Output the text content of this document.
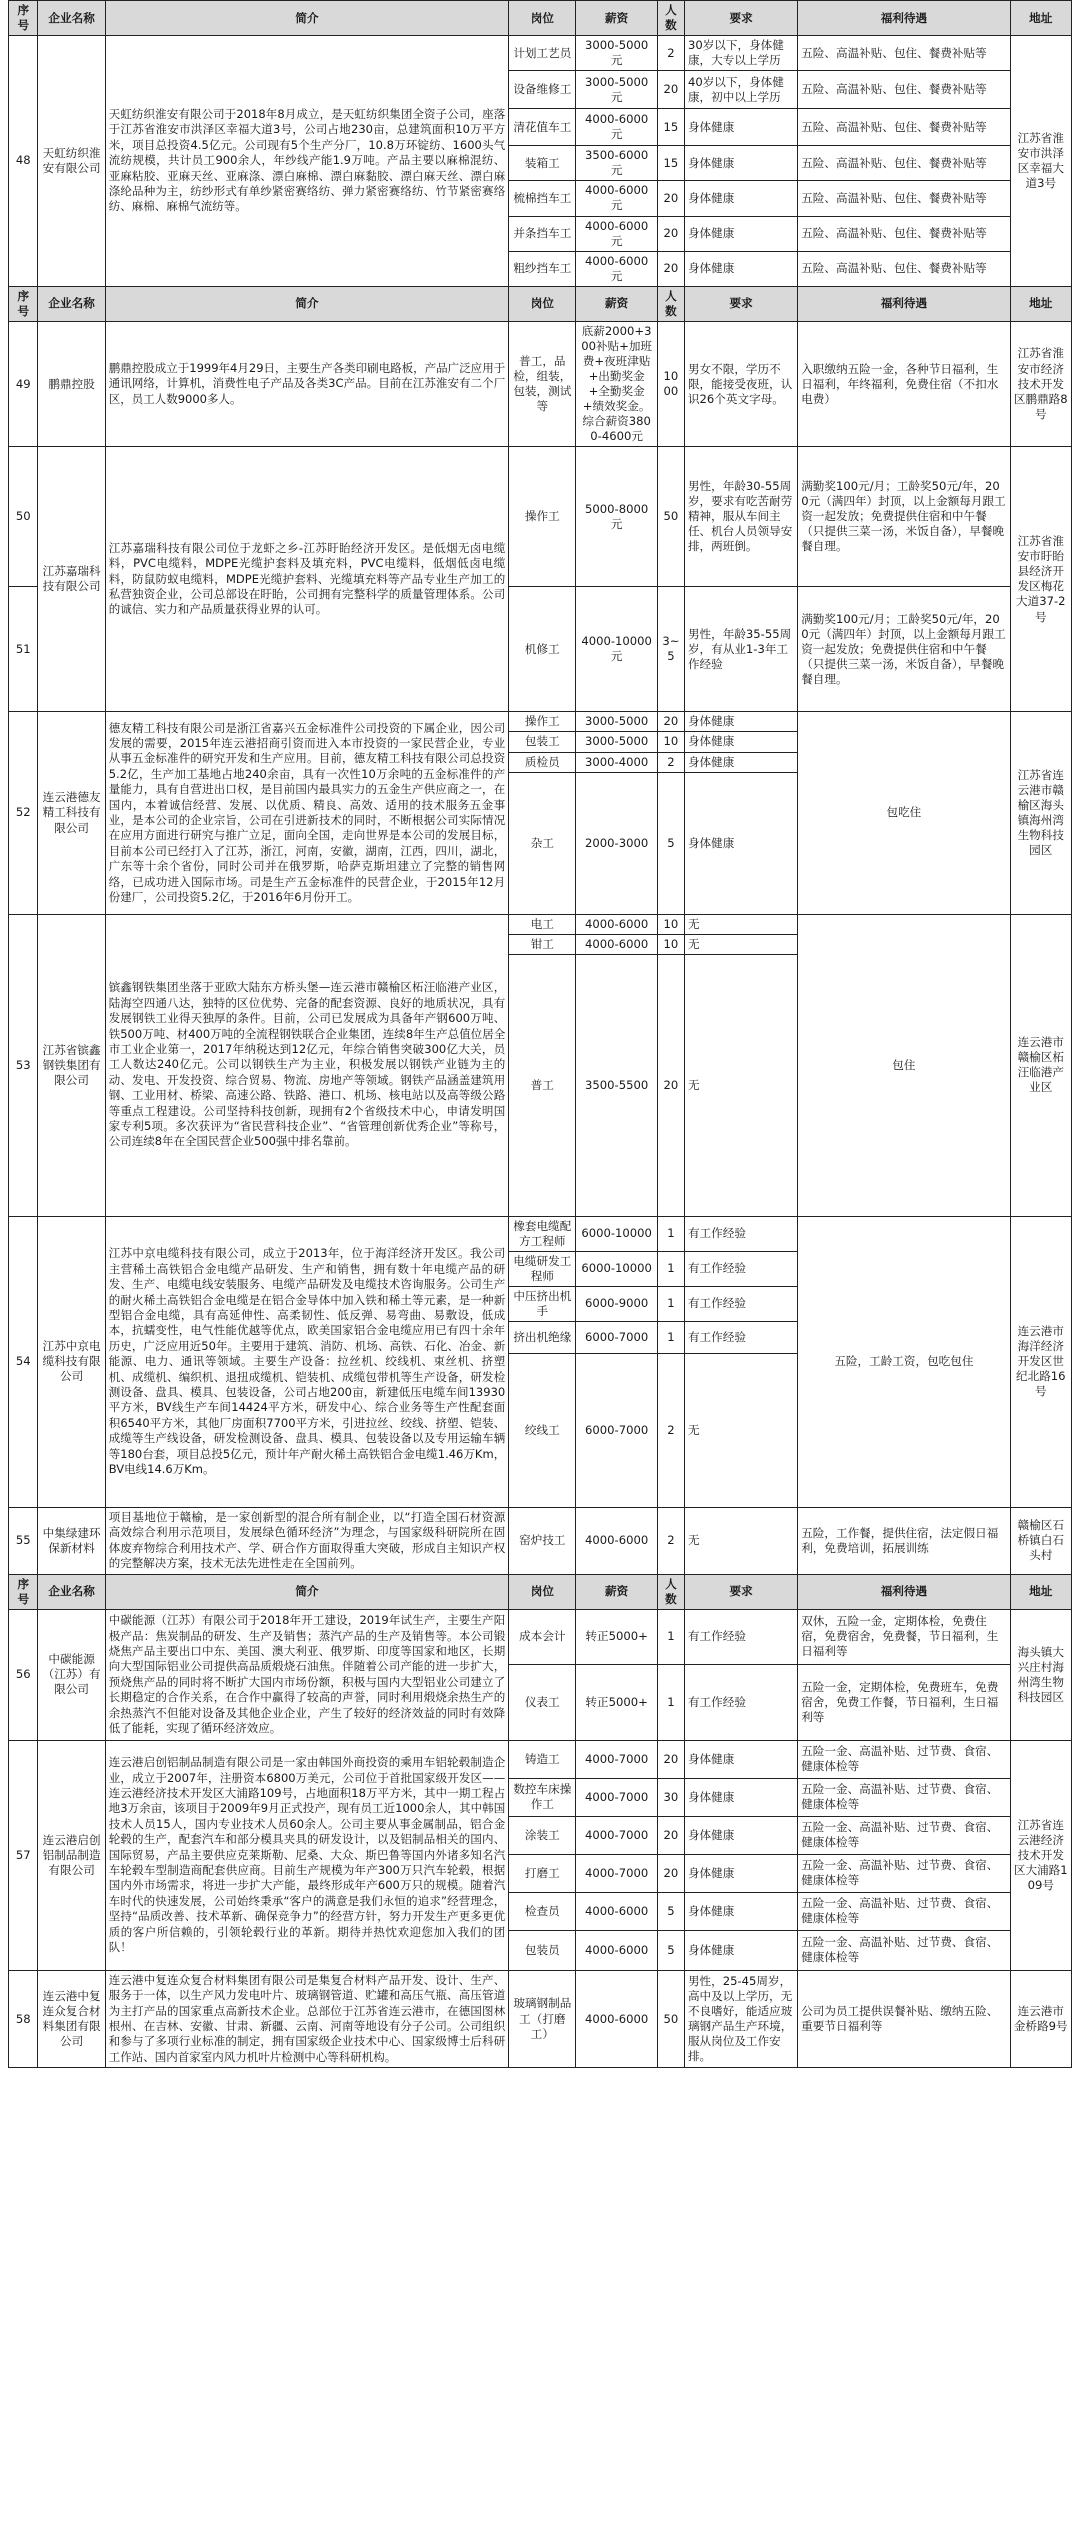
序号	企业名称	简介	岗位	薪资	人数	要求	福利待遇	地址
48	天虹纺织淮安有限公司	天虹纺织淮安有限公司于2018年8月成立，是天虹纺织集团全资子公司，座落于江苏省淮安市洪泽区幸福大道3号，公司占地230亩，总建筑面积10万平方米，项目总投资4.5亿元。公司现有5个生产分厂，10.8万环锭纺、1600头气流纺规模，共计员工900余人，年纱线产能1.9万吨。产品主要以麻棉混纺、亚麻粘胶、亚麻天丝、亚麻涤、漂白麻棉、漂白麻黏胶、漂白麻天丝、漂白麻涤纶品种为主，纺纱形式有单纱紧密赛络纺、弹力紧密赛络纺、竹节紧密赛络纺、麻棉、麻棉气流纺等。	计划工艺员	3000-5000元	2	30岁以下，身体健康，大专以上学历	五险、高温补贴、包住、餐费补贴等	江苏省淮安市洪泽区幸福大道3号
			设备维修工	3000-5000元	20	40岁以下，身体健康，初中以上学历	五险、高温补贴、包住、餐费补贴等	
			清花值车工	4000-6000元	15	身体健康	五险、高温补贴、包住、餐费补贴等	
			装箱工	3500-6000元	15	身体健康	五险、高温补贴、包住、餐费补贴等	
			梳棉挡车工	4000-6000元	20	身体健康	五险、高温补贴、包住、餐费补贴等	
			并条挡车工	4000-6000元	20	身体健康	五险、高温补贴、包住、餐费补贴等	
			粗纱挡车工	4000-6000元	20	身体健康	五险、高温补贴、包住、餐费补贴等	
序号	企业名称	简介	岗位	薪资	人数	要求	福利待遇	地址
49	鹏鼎控股	鹏鼎控股成立于1999年4月29日，主要生产各类印刷电路板，产品广泛应用于通讯网络，计算机，消费性电子产品及各类3C产品。目前在江苏淮安有二个厂区，员工人数9000多人。	普工，品检，组装，包装，测试等	底薪2000+300补贴+加班费+夜班津贴+出勤奖金+全勤奖金+绩效奖金。综合薪资3800-4600元	1000	男女不限，学历不限，能接受夜班，认识26个英文字母。	入职缴纳五险一金，各种节日福利，生日福利，年终福利，免费住宿（不扣水电费）	江苏省淮安市经济技术开发区鹏鼎路8号
50	江苏嘉瑞科技有限公司	江苏嘉瑞科技有限公司位于龙虾之乡-江苏盱眙经济开发区。是低烟无卤电缆料，PVC电缆料，MDPE光缆护套料及填充料，PVC电缆料，低烟低卤电缆料，防鼠防蚁电缆料，MDPE光缆护套料、光缆填充料等产品专业生产加工的私营独资企业，公司总部设在盱眙，公司拥有完整科学的质量管理体系。公司的诚信、实力和产品质量获得业界的认可。	操作工	5000-8000元	50	男性，年龄30-55周岁，要求有吃苦耐劳精神，服从车间主任、机台人员领导安排，两班倒。	满勤奖100元/月；工龄奖50元/年，200元（满四年）封顶，以上金额每月跟工资一起发放；免费提供住宿和中午餐（只提供三菜一汤，米饭自备），早餐晚餐自理。	江苏省淮安市盱眙县经济开发区梅花大道37-2号
51			机修工	4000-10000元	3~5	男性，年龄35-55周岁，有从业1-3年工作经验	满勤奖100元/月；工龄奖50元/年，200元（满四年）封顶，以上金额每月跟工资一起发放；免费提供住宿和中午餐（只提供三菜一汤，米饭自备），早餐晚餐自理。	
52	连云港德友精工科技有限公司	德友精工科技有限公司是浙江省嘉兴五金标准件公司投资的下属企业，因公司发展的需要，2015年连云港招商引资而进入本市投资的一家民营企业，专业从事五金标准件的研究开发和生产应用。目前，德友精工科技有限公司总投资5.2亿，生产加工基地占地240余亩，具有一次性10万余吨的五金标准件的产量能力，具有自营进出口权，是目前国内最具实力的五金生产供应商之一，在国内，本着诚信经营、发展、以优质、精良、高效、适用的技术服务五金事业，是本公司的企业宗旨，公司在引进新技术的同时，不断根据公司实际情况在应用方面进行研究与推广立足，面向全国，走向世界是本公司的发展目标，目前本公司已经打入了江苏，浙江，河南，安徽，湖南，江西，四川，湖北，广东等十余个省份，同时公司并在俄罗斯，哈萨克斯坦建立了完整的销售网络，已成功进入国际市场。司是生产五金标准件的民营企业，于2015年12月份建厂，公司投资5.2亿，于2016年6月份开工。	操作工	3000-5000	20	身体健康	包吃住	江苏省连云港市赣榆区海头镇海州湾生物科技园区
			包装工	3000-5000	10	身体健康		
			质检员	3000-4000	2	身体健康		
			杂工	2000-3000	5	身体健康		
53	江苏省镔鑫钢铁集团有限公司	镔鑫钢铁集团坐落于亚欧大陆东方桥头堡—连云港市赣榆区柘汪临港产业区，陆海空四通八达，独特的区位优势、完备的配套资源、良好的地质状况，具有发展钢铁工业得天独厚的条件。目前，公司已发展成为具备年产钢600万吨、铁500万吨、材400万吨的全流程钢铁联合企业集团，连续8年生产总值位居全市工业企业第一，2017年纳税达到12亿元，年综合销售突破300亿大关，员工人数达240亿元。公司以钢铁生产为主业，积极发展以钢铁产业链为主的动、发电、开发投资、综合贸易、物流、房地产等领域。钢铁产品涵盖建筑用钢、工业用材、桥梁、高速公路、铁路、港口、机场、核电站以及高等级公路等重点工程建设。公司坚持科技创新，现拥有2个省级技术中心，申请发明国家专利5项。多次获评为“省民营科技企业”、“省管理创新优秀企业”等称号，公司连续8年在全国民营企业500强中排名靠前。	电工	4000-6000	10	无	包住	连云港市赣榆区柘汪临港产业区
			钳工	4000-6000	10	无		
			普工	3500-5500	20	无		
54	江苏中京电缆科技有限公司	江苏中京电缆科技有限公司，成立于2013年，位于海洋经济开发区。我公司主营稀土高铁铝合金电缆产品研发、生产和销售，拥有数十年电缆产品的研发、生产、电缆电线安装服务、电缆产品研发及电缆技术咨询服务。公司生产的耐火稀土高铁铝合金电缆是在铝合金导体中加入铁和稀土等元素，是一种新型铝合金电缆，具有高延伸性、高柔韧性、低反弹、易弯曲、易敷设，低成本，抗蠕变性，电气性能优越等优点，欧美国家铝合金电缆应用已有四十余年历史，广泛应用近50年。主要用于建筑、消防、机场、高铁、石化、冶金、新能源、电力、通讯等领域。主要生产设备：拉丝机、绞线机、束丝机、挤塑机、成缆机、编织机、退扭成缆机、铠装机、成缆包带机等生产设备，研发检测设备、盘具、模具、包装设备，公司占地200亩，新建低压电缆车间13930平方米，BV线生产车间14424平方米，研发中心、综合业务等生产性配套面积6540平方米，其他厂房面积7700平方米，引进拉丝、绞线、挤塑、铠装、成缆等生产线设备，研发检测设备、盘具、模具、包装设备以及专用运输车辆等180台套，项目总投5亿元，预计年产耐火稀土高铁铝合金电缆1.46万Km，BV电线14.6万Km。	橡套电缆配方工程师	6000-10000	1	有工作经验	五险，工龄工资，包吃包住	连云港市海洋经济开发区世纪北路16号
			电缆研发工程师	6000-10000	1	有工作经验		
			中压挤出机手	6000-9000	1	有工作经验		
			挤出机绝缘	6000-7000	1	有工作经验		
			绞线工	6000-7000	2	无		
55	中集绿建环保新材料	项目基地位于赣榆，是一家创新型的混合所有制企业，以“打造全国石材资源高效综合利用示范项目，发展绿色循环经济”为理念，与国家级科研院所在固体废弃物综合利用技术产、学、研合作方面取得重大突破，形成自主知识产权的完整解决方案，技术无法先进性走在全国前列。	窑炉技工	4000-6000	2	无	五险，工作餐，提供住宿，法定假日福利，免费培训，拓展训练	赣榆区石桥镇白石头村
序号	企业名称	简介	岗位	薪资	人数	要求	福利待遇	地址
56	中碳能源（江苏）有限公司	中碳能源（江苏）有限公司于2018年开工建设，2019年试生产，主要生产阳极产品：焦炭制品的研发、生产及销售；蒸汽产品的生产及销售等。本公司锻烧焦产品主要出口中东、美国、澳大利亚、俄罗斯、印度等国家和地区，长期向大型国际铝业公司提供高品质煅烧石油焦。伴随着公司产能的进一步扩大，预烧焦产品的同时将不断扩大国内市场份额，积极与国内大型铝业公司建立了长期稳定的合作关系，在合作中赢得了较高的声誉，同时利用煅烧余热生产的余热蒸汽不但能对设备及其他企业企业，产生了较好的经济效益的同时有效降低了能耗，实现了循环经济效应。	成本会计	转正5000+	1	有工作经验	双休，五险一金，定期体检，免费住宿，免费宿舍，免费餐，节日福利，生日福利等	海头镇大兴庄村海州湾生物科技园区
			仪表工	转正5000+	1	有工作经验	五险一金，定期体检，免费班车，免费宿舍，免费工作餐，节日福利，生日福利等	
57	连云港启创铝制品制造有限公司	连云港启创铝制品制造有限公司是一家由韩国外商投资的乘用车铝轮毂制造企业，成立于2007年，注册资本6800万美元，公司位于首批国家级开发区——连云港经济技术开发区大浦路109号，占地面积18万平方米，其中一期工程占地3万余亩，该项目于2009年9月正式投产，现有员工近1000余人，其中韩国技术人员15人，国内专业技术人员60余人。公司主要从事金属制品，铝合金轮毂的生产，配套汽车和部分模具夹具的研发设计，以及铝制品相关的国内、国际贸易，产品主要供应克莱斯勒、尼桑、大众、斯巴鲁等国内外诸多知名汽车轮毂车型制造商配套供应商。目前生产规模为年产300万只汽车轮毂，根据国内外市场需求，将进一步扩大产能，最终形成年产600万只的规模。随着汽车时代的快速发展，公司始终秉承“客户的满意是我们永恒的追求”经营理念，坚持“品质改善、技术革新、确保竞争力”的经营方针，努力开发生产更多更优质的客户所信赖的，引领轮毂行业的革新。期待并热忱欢迎您加入我们的团队！	铸造工	4000-7000	20	身体健康	五险一金、高温补贴、过节费、食宿、健康体检等	江苏省连云港经济技术开发区大浦路109号
			数控车床操作工	4000-7000	30	身体健康	五险一金、高温补贴、过节费、食宿、健康体检等	
			涂装工	4000-7000	20	身体健康	五险一金、高温补贴、过节费、食宿、健康体检等	
			打磨工	4000-7000	20	身体健康	五险一金、高温补贴、过节费、食宿、健康体检等	
			检查员	4000-6000	5	身体健康	五险一金、高温补贴、过节费、食宿、健康体检等	
			包装员	4000-6000	5	身体健康	五险一金、高温补贴、过节费、食宿、健康体检等	
58	连云港中复连众复合材料集团有限公司	连云港中复连众复合材料集团有限公司是集复合材料产品开发、设计、生产、服务于一体，以生产风力发电叶片、玻璃钢管道、贮罐和高压气瓶、高压管道为主打产品的国家重点高新技术企业。总部位于江苏省连云港市，在德国图林根州、在吉林、安徽、甘肃、新疆、云南、河南等地设有分子公司。公司组织和参与了多项行业标准的制定，拥有国家级企业技术中心、国家级博士后科研工作站、国内首家室内风力机叶片检测中心等科研机构。	玻璃钢制品工（打磨工）	4000-6000	50	男性，25-45周岁，高中及以上学历，无不良嗜好，能适应玻璃钢产品生产环境，服从岗位及工作安排。	公司为员工提供误餐补贴、缴纳五险、重要节日福利等	连云港市金桥路9号
